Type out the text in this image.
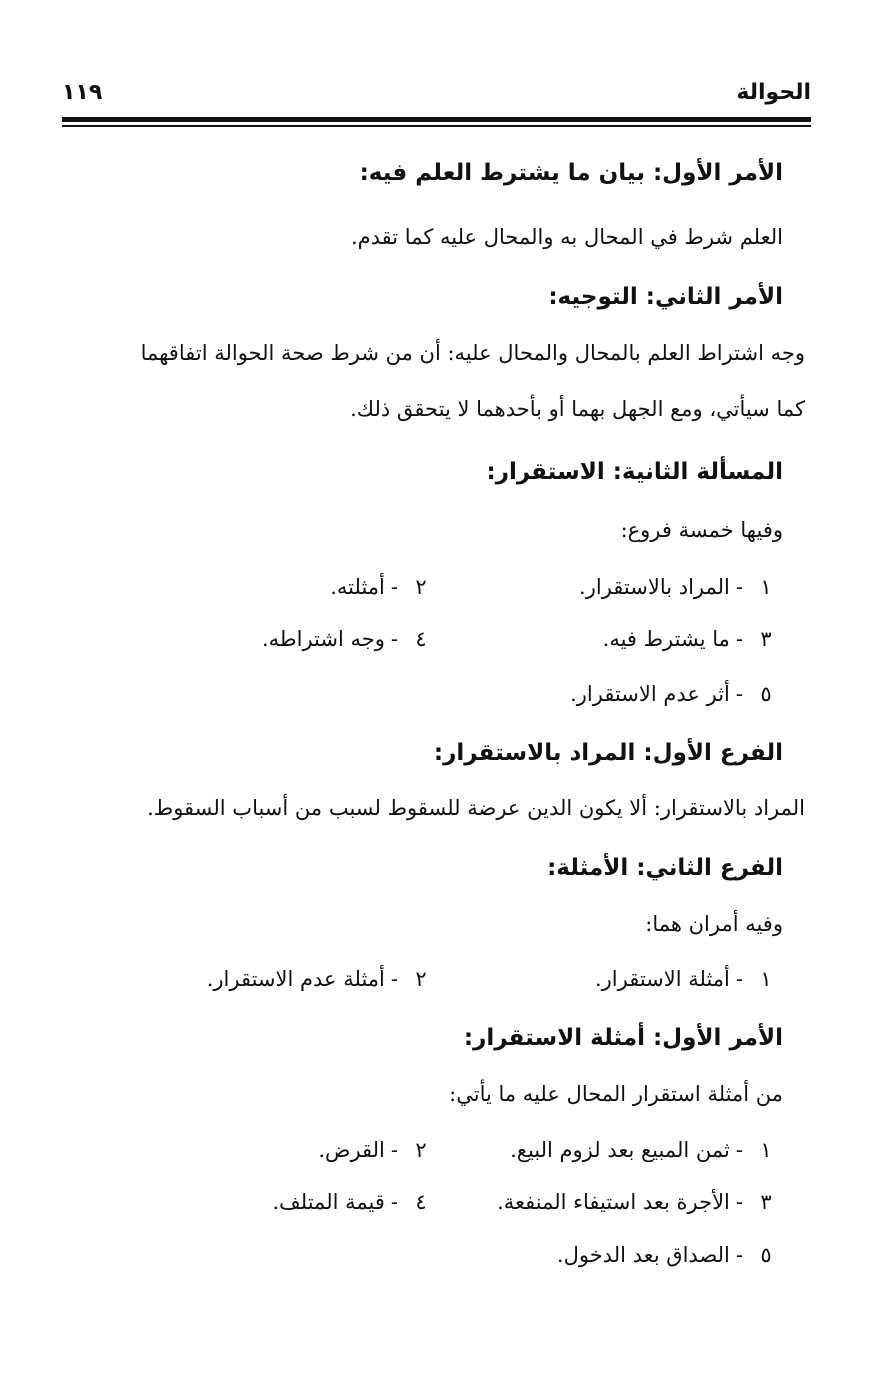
الحوالة
١١٩
الأمر الأول: بيان ما يشترط العلم فيه:
العلم شرط في المحال به والمحال عليه كما تقدم.
الأمر الثاني: التوجيه:
وجه اشتراط العلم بالمحال والمحال عليه: أن من شرط صحة الحوالة اتفاقهما
كما سيأتي، ومع الجهل بهما أو بأحدهما لا يتحقق ذلك.
المسألة الثانية: الاستقرار:
وفيها خمسة فروع:
١-المراد بالاستقرار.
٢-أمثلته.
٣-ما يشترط فيه.
٤-وجه اشتراطه.
٥-أثر عدم الاستقرار.
الفرع الأول: المراد بالاستقرار:
المراد بالاستقرار: ألا يكون الدين عرضة للسقوط لسبب من أسباب السقوط.
الفرع الثاني: الأمثلة:
وفيه أمران هما:
١-أمثلة الاستقرار.
٢-أمثلة عدم الاستقرار.
الأمر الأول: أمثلة الاستقرار:
من أمثلة استقرار المحال عليه ما يأتي:
١-ثمن المبيع بعد لزوم البيع.
٢-القرض.
٣-الأجرة بعد استيفاء المنفعة.
٤-قيمة المتلف.
٥-الصداق بعد الدخول.
